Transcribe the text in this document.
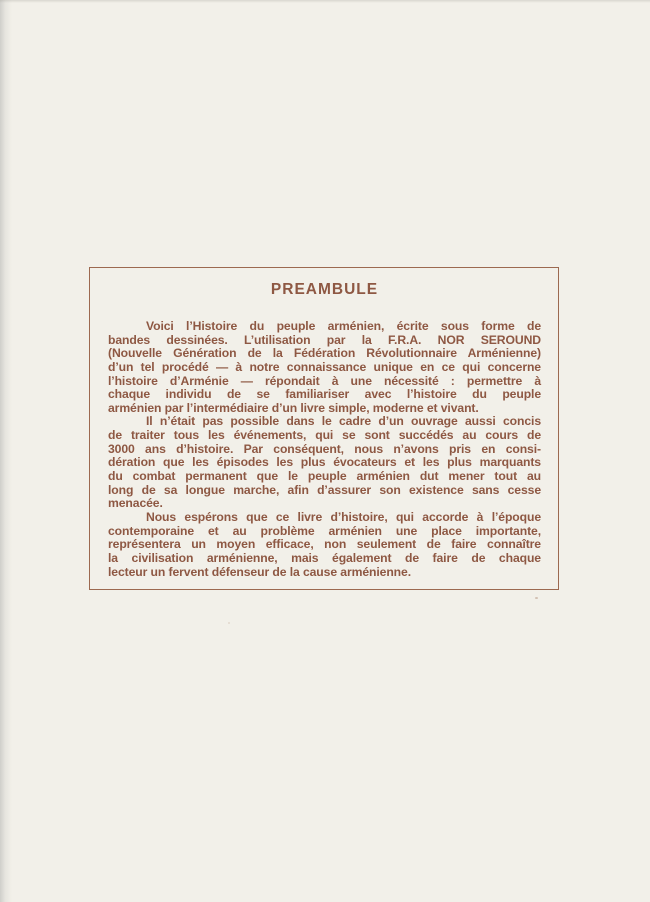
PREAMBULE
Voici l’Histoire du peuple arménien, écrite sous forme de
bandes dessinées. L’utilisation par la F.R.A. NOR SEROUND
(Nouvelle Génération de la Fédération Révolutionnaire Arménienne)
d’un tel procédé — à notre connaissance unique en ce qui concerne
l’histoire d’Arménie — répondait à une nécessité : permettre à
chaque individu de se familiariser avec l’histoire du peuple
arménien par l’intermédiaire d’un livre simple, moderne et vivant.
Il n’était pas possible dans le cadre d’un ouvrage aussi concis
de traiter tous les événements, qui se sont succédés au cours de
3000 ans d’histoire. Par conséquent, nous n’avons pris en consi-
dération que les épisodes les plus évocateurs et les plus marquants
du combat permanent que le peuple arménien dut mener tout au
long de sa longue marche, afin d’assurer son existence sans cesse
menacée.
Nous espérons que ce livre d’histoire, qui accorde à l’époque
contemporaine et au problème arménien une place importante,
représentera un moyen efficace, non seulement de faire connaître
la civilisation arménienne, mais également de faire de chaque
lecteur un fervent défenseur de la cause arménienne.
